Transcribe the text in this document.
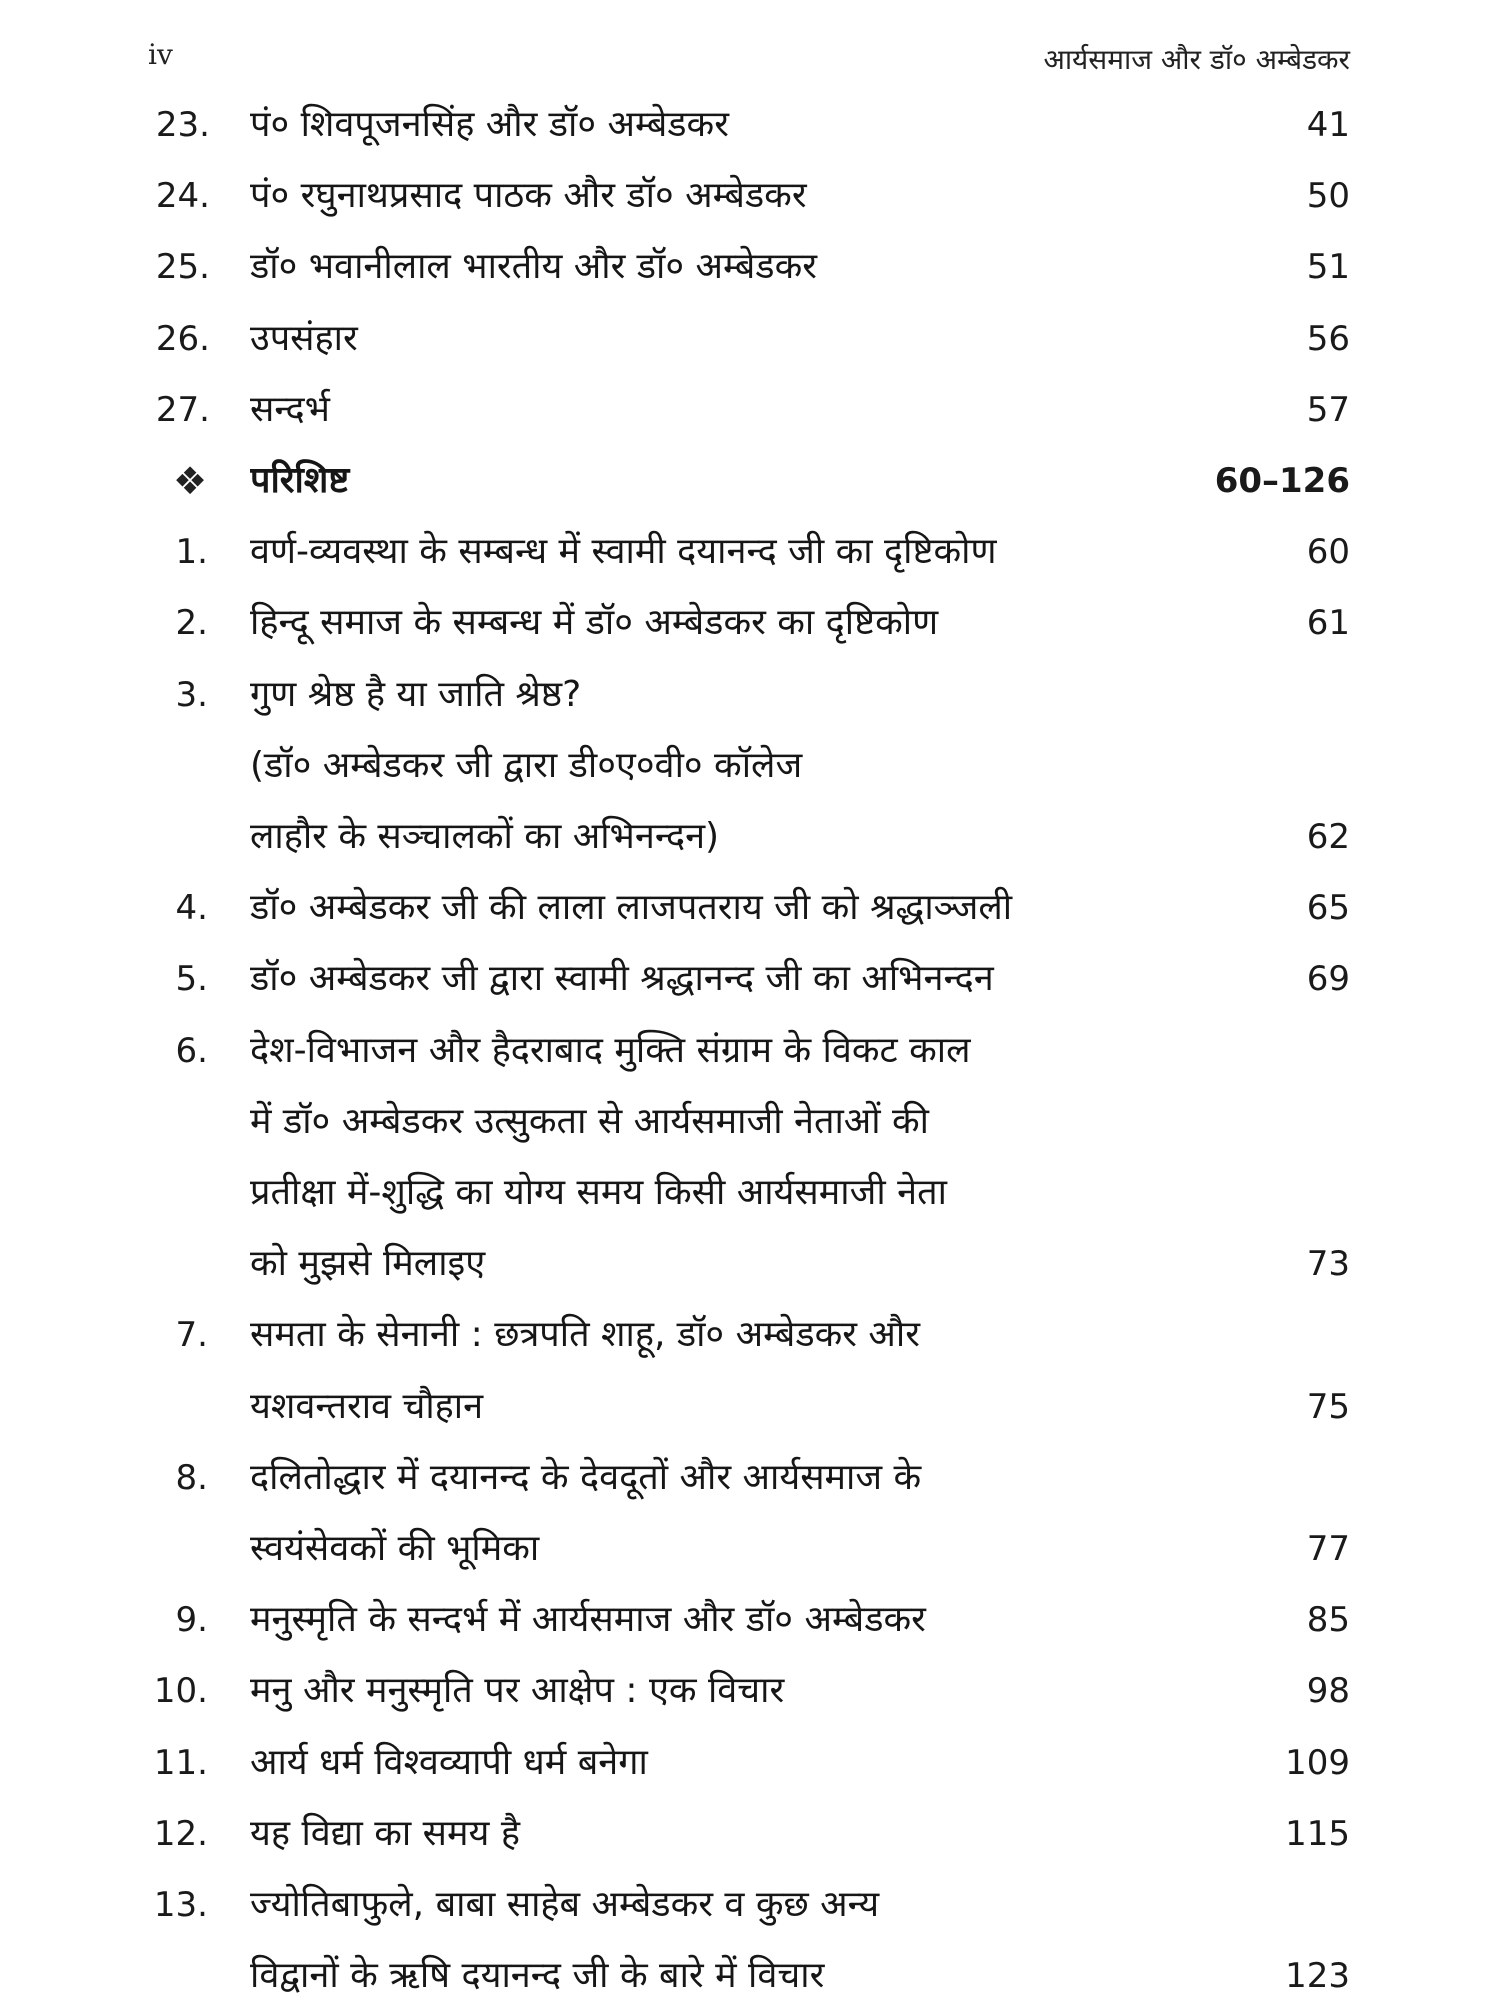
iv	आर्यसमाज और डॉ० अम्बेडकर
23. पं० शिवपूजनसिंह और डॉ० अम्बेडकर	41
24. पं० रघुनाथप्रसाद पाठक और डॉ० अम्बेडकर	50
25. डॉ० भवानीलाल भारतीय और डॉ० अम्बेडकर	51
26. उपसंहार	56
27. सन्दर्भ	57
❖	परिशिष्ट	60–126
1. वर्ण-व्यवस्था के सम्बन्ध में स्वामी दयानन्द जी का दृष्टिकोण	60
2. हिन्दू समाज के सम्बन्ध में डॉ० अम्बेडकर का दृष्टिकोण	61
3. गुण श्रेष्ठ है या जाति श्रेष्ठ?
(डॉ० अम्बेडकर जी द्वारा डी०ए०वी० कॉलेज
लाहौर के सञ्चालकों का अभिनन्दन)	62
4. डॉ० अम्बेडकर जी की लाला लाजपतराय जी को श्रद्धाञ्जली	65
5. डॉ० अम्बेडकर जी द्वारा स्वामी श्रद्धानन्द जी का अभिनन्दन	69
6. देश-विभाजन और हैदराबाद मुक्ति संग्राम के विकट काल
में डॉ० अम्बेडकर उत्सुकता से आर्यसमाजी नेताओं की
प्रतीक्षा में-शुद्धि का योग्य समय किसी आर्यसमाजी नेता
को मुझसे मिलाइए	73
7. समता के सेनानी : छत्रपति शाहू, डॉ० अम्बेडकर और
यशवन्तराव चौहान	75
8. दलितोद्धार में दयानन्द के देवदूतों और आर्यसमाज के
स्वयंसेवकों की भूमिका	77
9. मनुस्मृति के सन्दर्भ में आर्यसमाज और डॉ० अम्बेडकर	85
10. मनु और मनुस्मृति पर आक्षेप : एक विचार	98
11. आर्य धर्म विश्वव्यापी धर्म बनेगा	109
12. यह विद्या का समय है	115
13. ज्योतिबाफुले, बाबा साहेब अम्बेडकर व कुछ अन्य
विद्वानों के ऋषि दयानन्द जी के बारे में विचार	123
